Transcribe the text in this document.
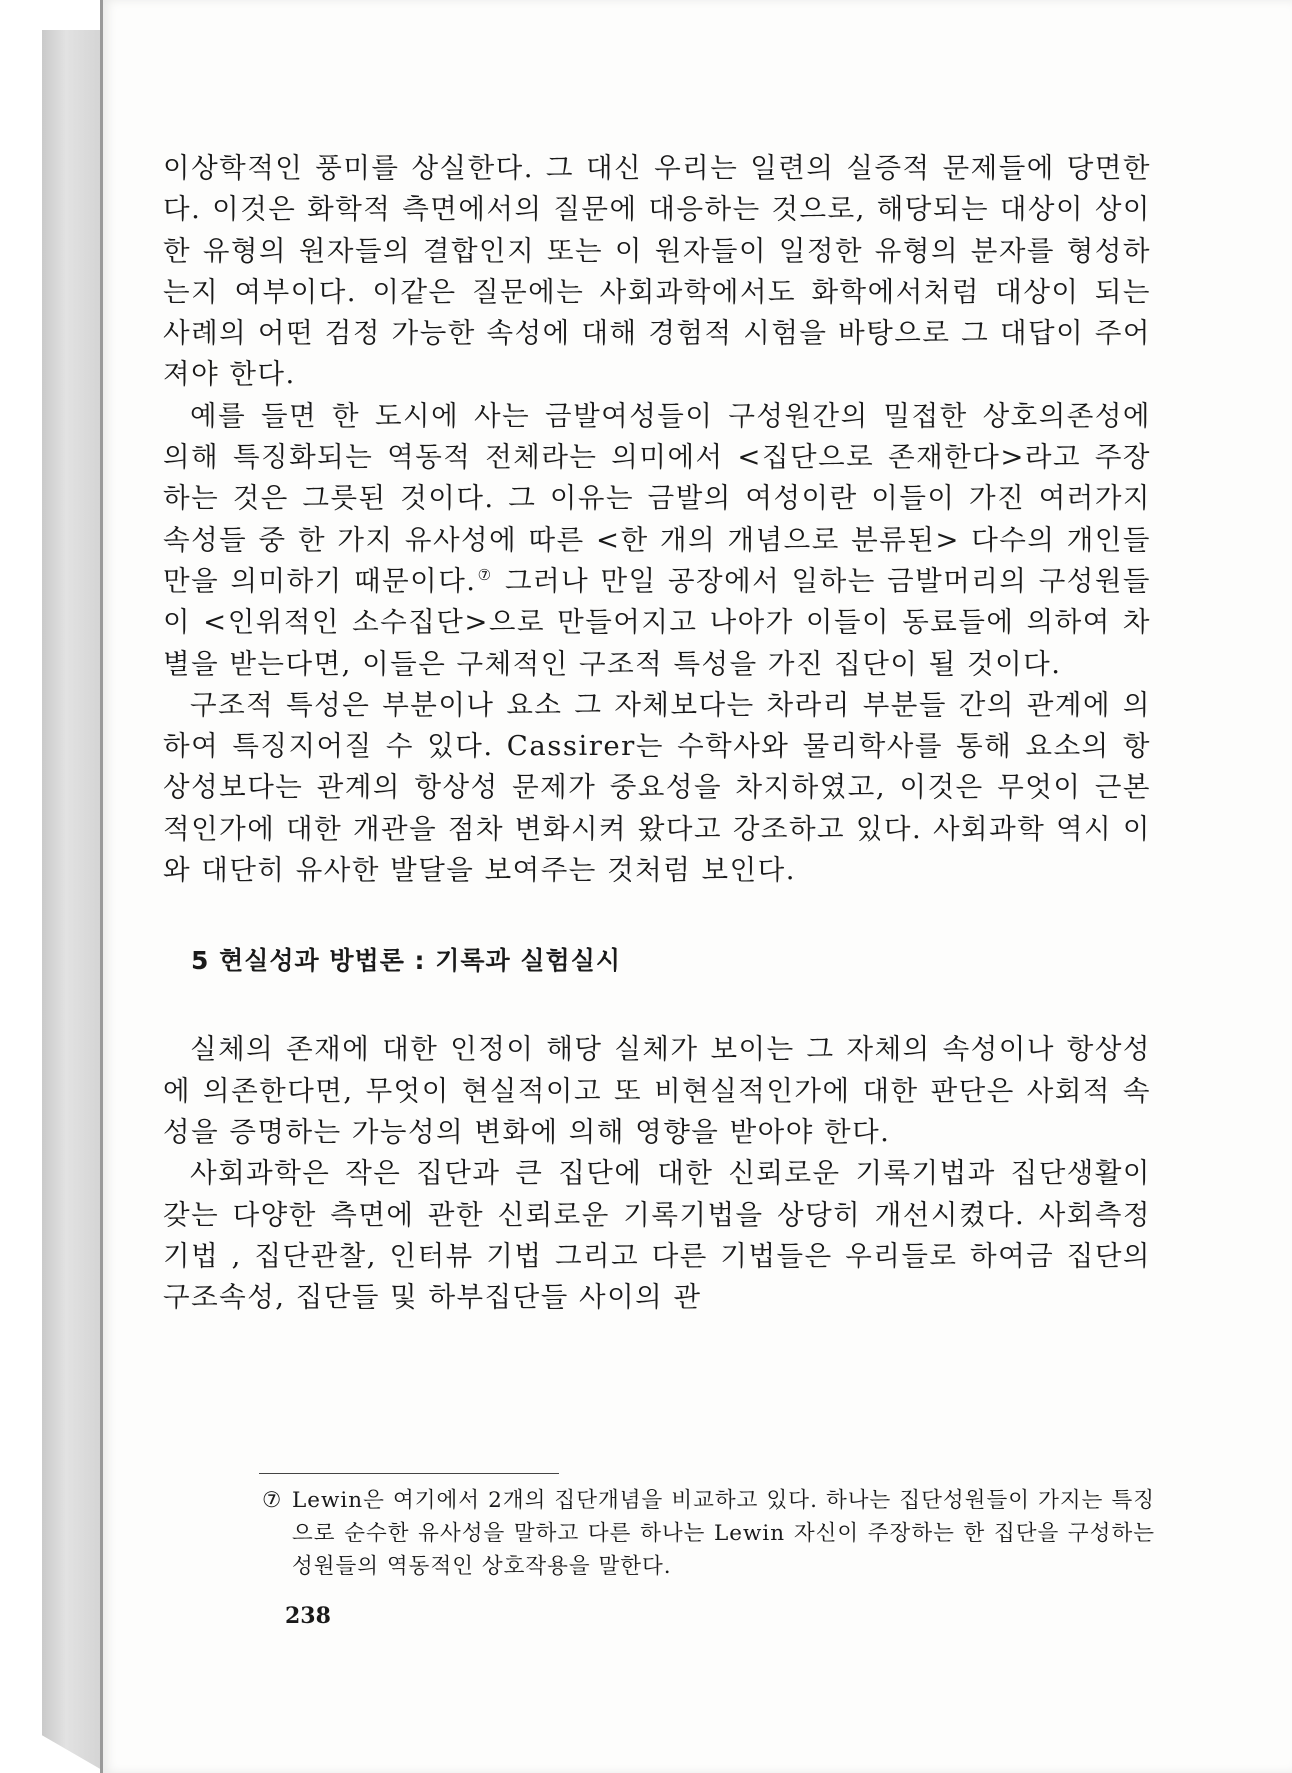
이상학적인 풍미를 상실한다. 그 대신 우리는 일련의 실증적 문제들에 당면한다. 이것은 화학적 측면에서의 질문에 대응하는 것으로, 해당되는 대상이 상이한 유형의 원자들의 결합인지 또는 이 원자들이 일정한 유형의 분자를 형성하는지 여부이다. 이같은 질문에는 사회과학에서도 화학에서처럼 대상이 되는 사례의 어떤 검정 가능한 속성에 대해 경험적 시험을 바탕으로 그 대답이 주어져야 한다.

예를 들면 한 도시에 사는 금발여성들이 구성원간의 밀접한 상호의존성에 의해 특징화되는 역동적 전체라는 의미에서 <집단으로 존재한다>라고 주장하는 것은 그릇된 것이다. 그 이유는 금발의 여성이란 이들이 가진 여러가지 속성들 중 한 가지 유사성에 따른 <한 개의 개념으로 분류된> 다수의 개인들만을 의미하기 때문이다.⑦ 그러나 만일 공장에서 일하는 금발머리의 구성원들이 <인위적인 소수집단>으로 만들어지고 나아가 이들이 동료들에 의하여 차별을 받는다면, 이들은 구체적인 구조적 특성을 가진 집단이 될 것이다.

구조적 특성은 부분이나 요소 그 자체보다는 차라리 부분들 간의 관계에 의하여 특징지어질 수 있다. Cassirer는 수학사와 물리학사를 통해 요소의 항상성보다는 관계의 항상성 문제가 중요성을 차지하였고, 이것은 무엇이 근본적인가에 대한 개관을 점차 변화시켜 왔다고 강조하고 있다. 사회과학 역시 이와 대단히 유사한 발달을 보여주는 것처럼 보인다.

5 현실성과 방법론 : 기록과 실험실시

실체의 존재에 대한 인정이 해당 실체가 보이는 그 자체의 속성이나 항상성에 의존한다면, 무엇이 현실적이고 또 비현실적인가에 대한 판단은 사회적 속성을 증명하는 가능성의 변화에 의해 영향을 받아야 한다.

사회과학은 작은 집단과 큰 집단에 대한 신뢰로운 기록기법과 집단생활이 갖는 다양한 측면에 관한 신뢰로운 기록기법을 상당히 개선시켰다. 사회측정 기법 , 집단관찰, 인터뷰 기법 그리고 다른 기법들은 우리들로 하여금 집단의 구조속성, 집단들 및 하부집단들 사이의 관

⑦ Lewin은 여기에서 2개의 집단개념을 비교하고 있다. 하나는 집단성원들이 가지는 특징으로 순수한 유사성을 말하고 다른 하나는 Lewin 자신이 주장하는 한 집단을 구성하는 성원들의 역동적인 상호작용을 말한다.
238
